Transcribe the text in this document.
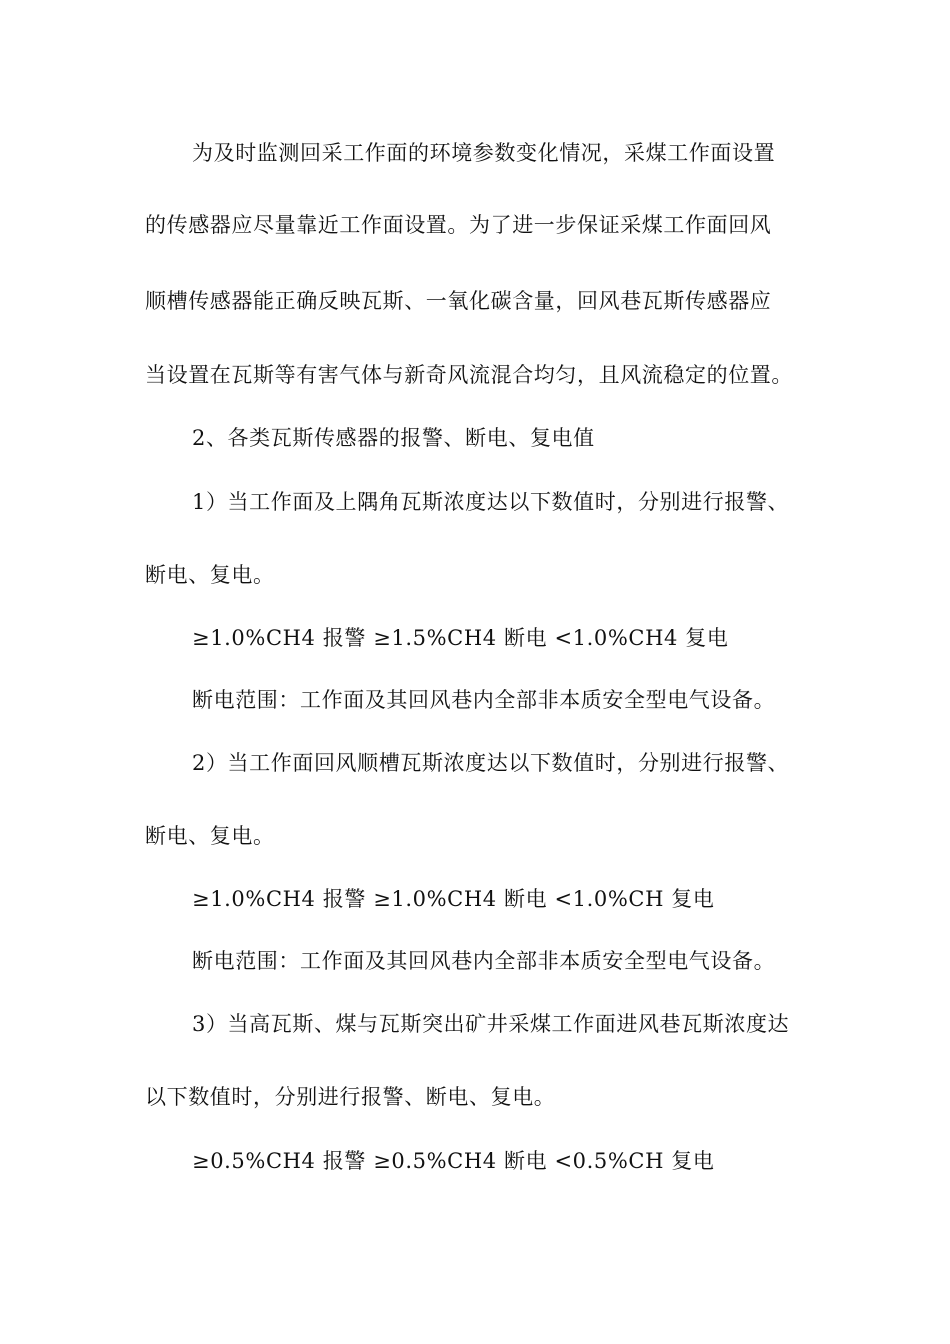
为及时监测回采工作面的环境参数变化情况，采煤工作面设置
的传感器应尽量靠近工作面设置。为了进一步保证采煤工作面回风
顺槽传感器能正确反映瓦斯、一氧化碳含量，回风巷瓦斯传感器应
当设置在瓦斯等有害气体与新奇风流混合均匀，且风流稳定的位置。
2、各类瓦斯传感器的报警、断电、复电值
1）当工作面及上隅角瓦斯浓度达以下数值时，分别进行报警、
断电、复电。
≥1.0%CH4 报警 ≥1.5%CH4 断电 <1.0%CH4 复电
断电范围：工作面及其回风巷内全部非本质安全型电气设备。
2）当工作面回风顺槽瓦斯浓度达以下数值时，分别进行报警、
断电、复电。
≥1.0%CH4 报警 ≥1.0%CH4 断电 <1.0%CH 复电
断电范围：工作面及其回风巷内全部非本质安全型电气设备。
3）当高瓦斯、煤与瓦斯突出矿井采煤工作面进风巷瓦斯浓度达
以下数值时，分别进行报警、断电、复电。
≥0.5%CH4 报警 ≥0.5%CH4 断电 <0.5%CH 复电
